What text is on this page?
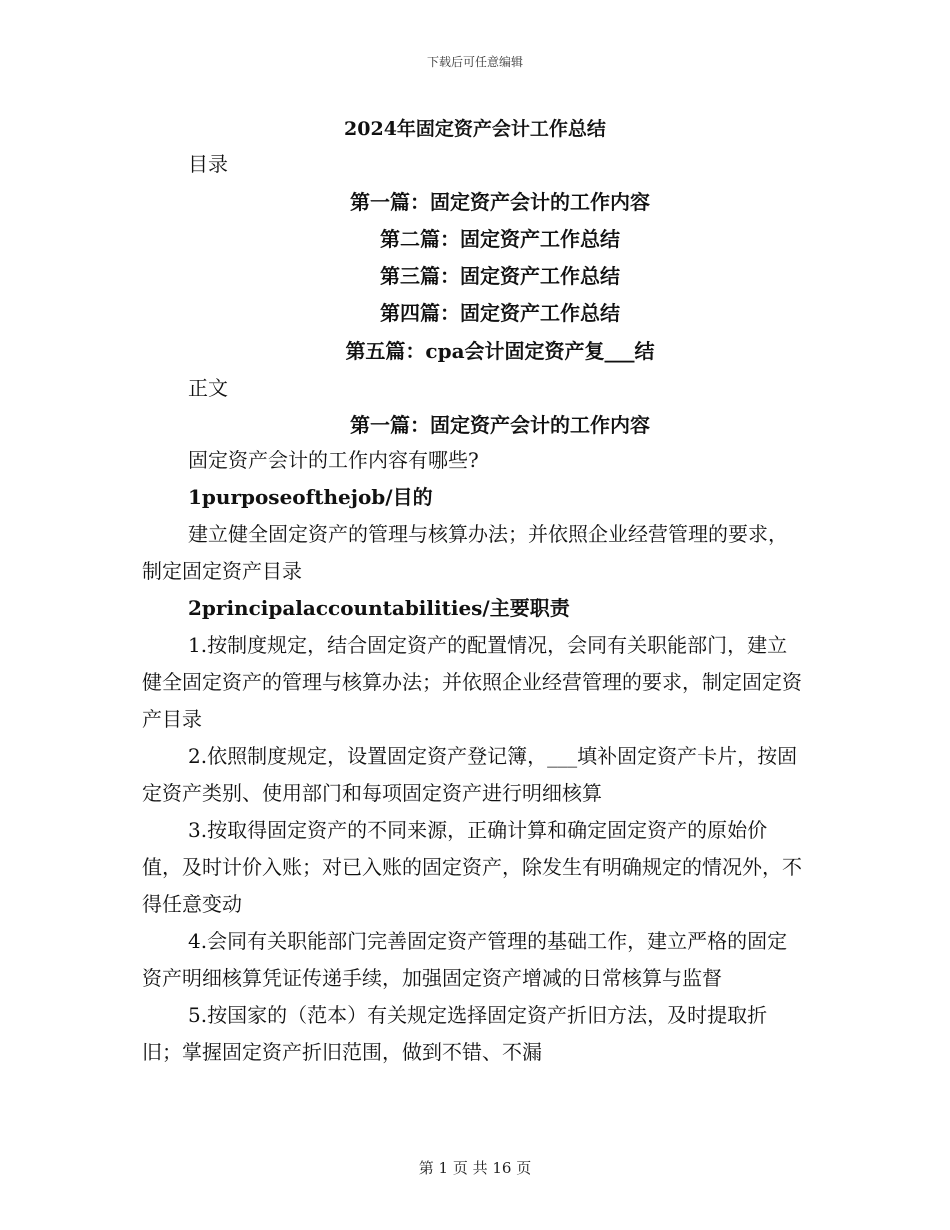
下载后可任意编辑
2024年固定资产会计工作总结
目录
第一篇：固定资产会计的工作内容
第二篇：固定资产工作总结
第三篇：固定资产工作总结
第四篇：固定资产工作总结
第五篇：cpa会计固定资产复___结
正文
第一篇：固定资产会计的工作内容

固定资产会计的工作内容有哪些?

1purposeofthejob/目的

建立健全固定资产的管理与核算办法；并依照企业经营管理的要求，制定固定资产目录

2principalaccountabilities/主要职责

1.按制度规定，结合固定资产的配置情况，会同有关职能部门，建立健全固定资产的管理与核算办法；并依照企业经营管理的要求，制定固定资产目录

2.依照制度规定，设置固定资产登记簿，___填补固定资产卡片，按固定资产类别、使用部门和每项固定资产进行明细核算

3.按取得固定资产的不同来源，正确计算和确定固定资产的原始价值，及时计价入账；对已入账的固定资产，除发生有明确规定的情况外，不得任意变动

4.会同有关职能部门完善固定资产管理的基础工作，建立严格的固定资产明细核算凭证传递手续，加强固定资产增减的日常核算与监督

5.按国家的（范本）有关规定选择固定资产折旧方法，及时提取折旧；掌握固定资产折旧范围，做到不错、不漏

第 1 页 共 16 页
